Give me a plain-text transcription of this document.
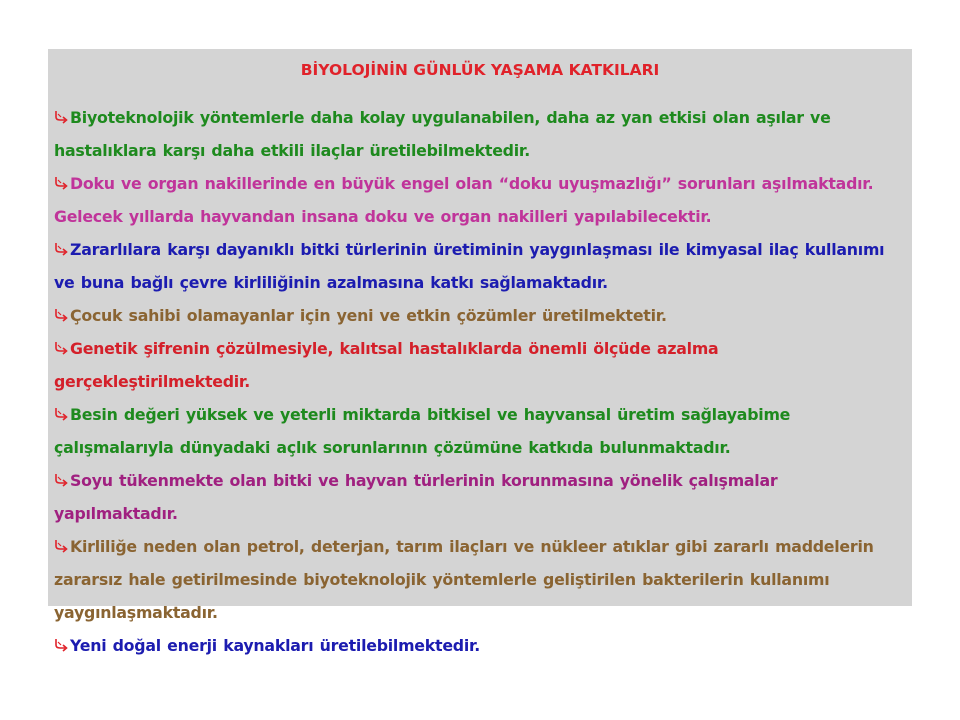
BİYOLOJİNİN GÜNLÜK YAŞAMA KATKILARI

Biyoteknolojik yöntemlerle daha kolay uygulanabilen, daha az yan etkisi olan aşılar ve hastalıklara karşı daha etkili ilaçlar üretilebilmektedir.

Doku ve organ nakillerinde en büyük engel olan “doku uyuşmazlığı” sorunları aşılmaktadır. Gelecek yıllarda hayvandan insana doku ve organ nakilleri yapılabilecektir.

Zararlılara karşı dayanıklı bitki türlerinin üretiminin yaygınlaşması ile kimyasal ilaç kullanımı ve buna bağlı çevre kirliliğinin azalmasına katkı sağlamaktadır.

Çocuk sahibi olamayanlar için yeni ve etkin çözümler üretilmektetir.

Genetik şifrenin çözülmesiyle, kalıtsal hastalıklarda önemli ölçüde azalma gerçekleştirilmektedir.

Besin değeri yüksek ve yeterli miktarda bitkisel ve hayvansal üretim sağlayabime çalışmalarıyla dünyadaki açlık sorunlarının çözümüne katkıda bulunmaktadır.

Soyu tükenmekte olan bitki ve hayvan türlerinin korunmasına yönelik çalışmalar yapılmaktadır.

Kirliliğe neden olan petrol, deterjan, tarım ilaçları ve nükleer atıklar gibi zararlı maddelerin zararsız hale getirilmesinde biyoteknolojik yöntemlerle geliştirilen bakterilerin kullanımı yaygınlaşmaktadır.

Yeni doğal enerji kaynakları üretilebilmektedir.
